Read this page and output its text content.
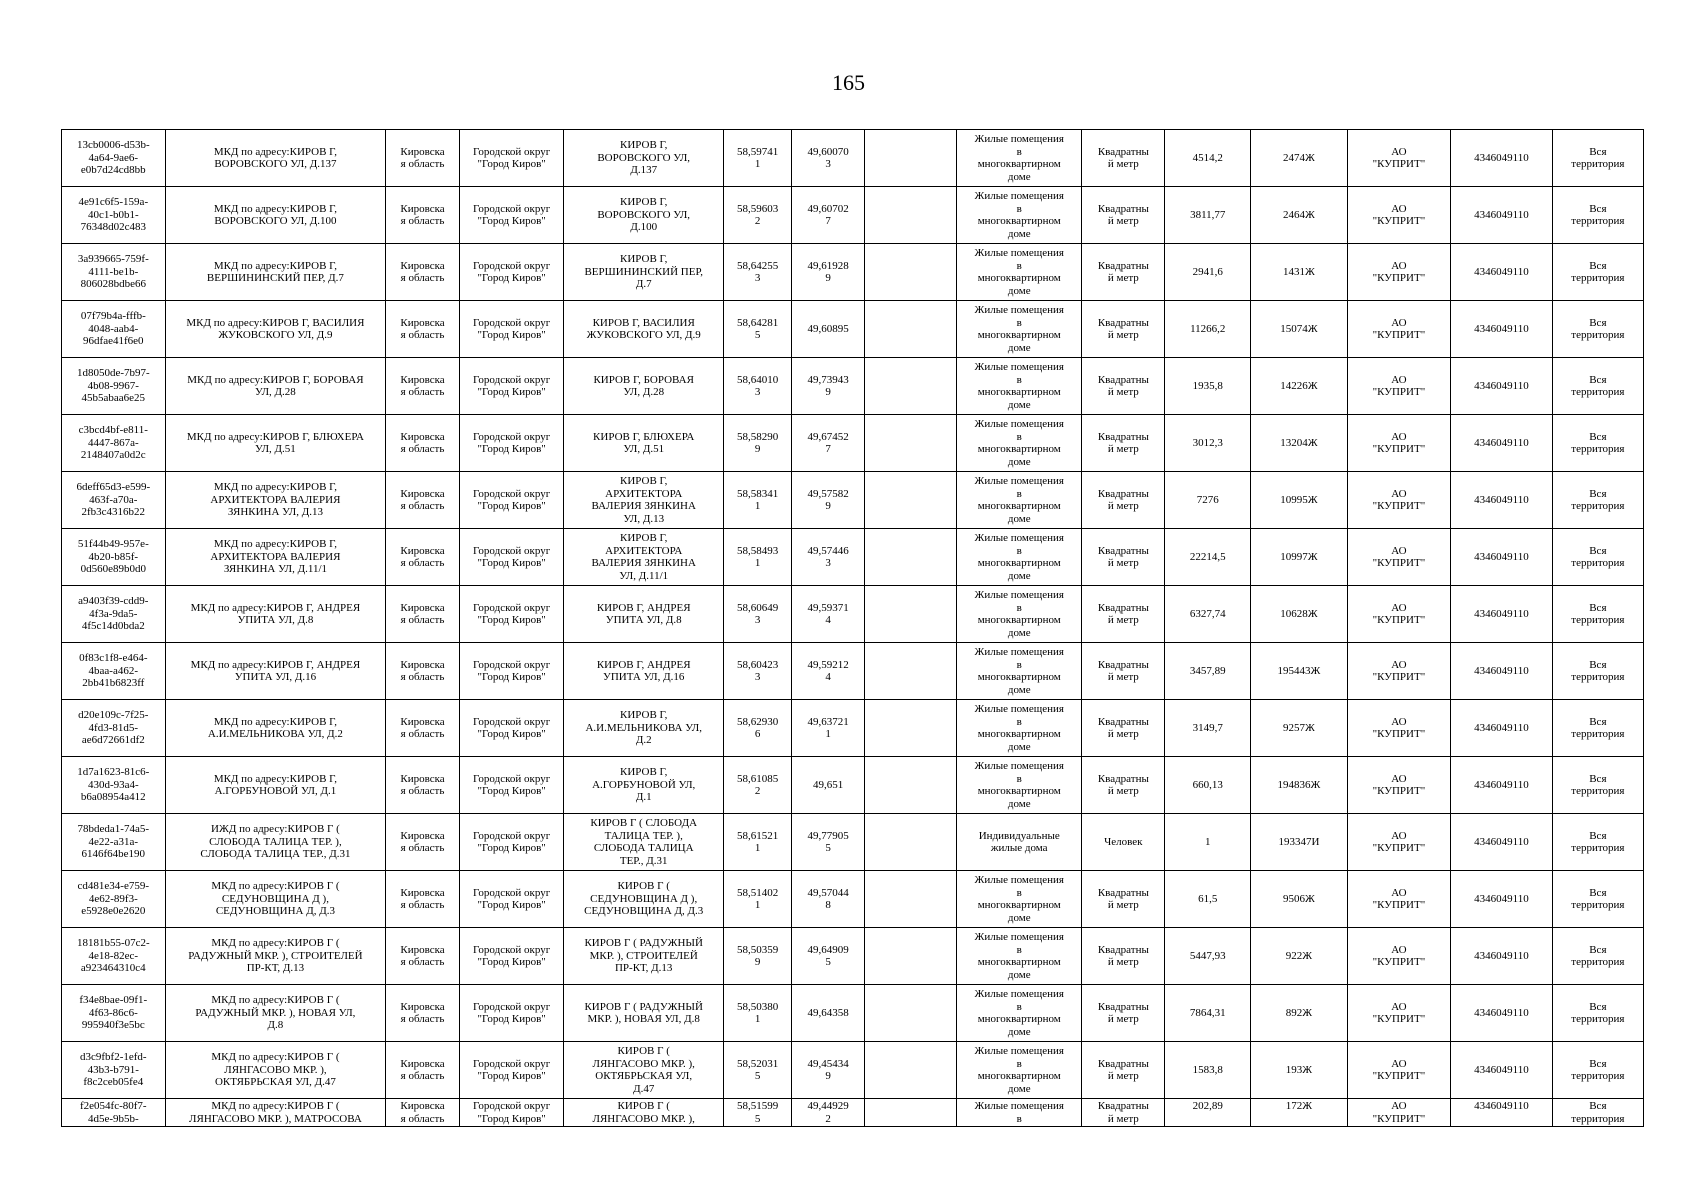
165
13cb0006-d53b-
4a64-9ae6-
e0b7d24cd8bb	МКД по адресу:КИРОВ Г,
ВОРОВСКОГО УЛ, Д.137	Кировска
я область	Городской округ
"Город Киров"	КИРОВ Г,
ВОРОВСКОГО УЛ,
Д.137	58,59741
1	49,60070
3		Жилые помещения
в
многоквартирном
доме	Квадратны
й метр	4514,2	2474Ж	АО
"КУПРИТ"	4346049110	Вся
территория

4e91c6f5-159a-
40c1-b0b1-
76348d02c483	МКД по адресу:КИРОВ Г,
ВОРОВСКОГО УЛ, Д.100	Кировска
я область	Городской округ
"Город Киров"	КИРОВ Г,
ВОРОВСКОГО УЛ,
Д.100	58,59603
2	49,60702
7		Жилые помещения
в
многоквартирном
доме	Квадратны
й метр	3811,77	2464Ж	АО
"КУПРИТ"	4346049110	Вся
территория

3a939665-759f-
4111-be1b-
806028bdbe66	МКД по адресу:КИРОВ Г,
ВЕРШИНИНСКИЙ ПЕР, Д.7	Кировска
я область	Городской округ
"Город Киров"	КИРОВ Г,
ВЕРШИНИНСКИЙ ПЕР,
Д.7	58,64255
3	49,61928
9		Жилые помещения
в
многоквартирном
доме	Квадратны
й метр	2941,6	1431Ж	АО
"КУПРИТ"	4346049110	Вся
территория

07f79b4a-fffb-
4048-aab4-
96dfae41f6e0	МКД по адресу:КИРОВ Г, ВАСИЛИЯ
ЖУКОВСКОГО УЛ, Д.9	Кировска
я область	Городской округ
"Город Киров"	КИРОВ Г, ВАСИЛИЯ
ЖУКОВСКОГО УЛ, Д.9	58,64281
5	49,60895		Жилые помещения
в
многоквартирном
доме	Квадратны
й метр	11266,2	15074Ж	АО
"КУПРИТ"	4346049110	Вся
территория

1d8050de-7b97-
4b08-9967-
45b5abaa6e25	МКД по адресу:КИРОВ Г, БОРОВАЯ
УЛ, Д.28	Кировска
я область	Городской округ
"Город Киров"	КИРОВ Г, БОРОВАЯ
УЛ, Д.28	58,64010
3	49,73943
9		Жилые помещения
в
многоквартирном
доме	Квадратны
й метр	1935,8	14226Ж	АО
"КУПРИТ"	4346049110	Вся
территория

c3bcd4bf-e811-
4447-867a-
2148407a0d2c	МКД по адресу:КИРОВ Г, БЛЮХЕРА
УЛ, Д.51	Кировска
я область	Городской округ
"Город Киров"	КИРОВ Г, БЛЮХЕРА
УЛ, Д.51	58,58290
9	49,67452
7		Жилые помещения
в
многоквартирном
доме	Квадратны
й метр	3012,3	13204Ж	АО
"КУПРИТ"	4346049110	Вся
территория

6deff65d3-e599-
463f-a70a-
2fb3c4316b22	МКД по адресу:КИРОВ Г,
АРХИТЕКТОРА ВАЛЕРИЯ
ЗЯНКИНА УЛ, Д.13	Кировска
я область	Городской округ
"Город Киров"	КИРОВ Г,
АРХИТЕКТОРА
ВАЛЕРИЯ ЗЯНКИНА
УЛ, Д.13	58,58341
1	49,57582
9		Жилые помещения
в
многоквартирном
доме	Квадратны
й метр	7276	10995Ж	АО
"КУПРИТ"	4346049110	Вся
территория

51f44b49-957e-
4b20-b85f-
0d560e89b0d0	МКД по адресу:КИРОВ Г,
АРХИТЕКТОРА ВАЛЕРИЯ
ЗЯНКИНА УЛ, Д.11/1	Кировска
я область	Городской округ
"Город Киров"	КИРОВ Г,
АРХИТЕКТОРА
ВАЛЕРИЯ ЗЯНКИНА
УЛ, Д.11/1	58,58493
1	49,57446
3		Жилые помещения
в
многоквартирном
доме	Квадратны
й метр	22214,5	10997Ж	АО
"КУПРИТ"	4346049110	Вся
территория

a9403f39-cdd9-
4f3a-9da5-
4f5c14d0bda2	МКД по адресу:КИРОВ Г, АНДРЕЯ
УПИТА УЛ, Д.8	Кировска
я область	Городской округ
"Город Киров"	КИРОВ Г, АНДРЕЯ
УПИТА УЛ, Д.8	58,60649
3	49,59371
4		Жилые помещения
в
многоквартирном
доме	Квадратны
й метр	6327,74	10628Ж	АО
"КУПРИТ"	4346049110	Вся
территория

0f83c1f8-e464-
4baa-a462-
2bb41b6823ff	МКД по адресу:КИРОВ Г, АНДРЕЯ
УПИТА УЛ, Д.16	Кировска
я область	Городской округ
"Город Киров"	КИРОВ Г, АНДРЕЯ
УПИТА УЛ, Д.16	58,60423
3	49,59212
4		Жилые помещения
в
многоквартирном
доме	Квадратны
й метр	3457,89	195443Ж	АО
"КУПРИТ"	4346049110	Вся
территория

d20e109c-7f25-
4fd3-81d5-
ae6d72661df2	МКД по адресу:КИРОВ Г,
А.И.МЕЛЬНИКОВА УЛ, Д.2	Кировска
я область	Городской округ
"Город Киров"	КИРОВ Г,
А.И.МЕЛЬНИКОВА УЛ,
Д.2	58,62930
6	49,63721
1		Жилые помещения
в
многоквартирном
доме	Квадратны
й метр	3149,7	9257Ж	АО
"КУПРИТ"	4346049110	Вся
территория

1d7a1623-81c6-
430d-93a4-
b6a08954a412	МКД по адресу:КИРОВ Г,
А.ГОРБУНОВОЙ УЛ, Д.1	Кировска
я область	Городской округ
"Город Киров"	КИРОВ Г,
А.ГОРБУНОВОЙ УЛ,
Д.1	58,61085
2	49,651		Жилые помещения
в
многоквартирном
доме	Квадратны
й метр	660,13	194836Ж	АО
"КУПРИТ"	4346049110	Вся
территория

78bdeda1-74a5-
4e22-a31a-
6146f64be190	ИЖД по адресу:КИРОВ Г (
СЛОБОДА ТАЛИЦА ТЕР. ),
СЛОБОДА ТАЛИЦА ТЕР., Д.31	Кировска
я область	Городской округ
"Город Киров"	КИРОВ Г ( СЛОБОДА
ТАЛИЦА ТЕР. ),
СЛОБОДА ТАЛИЦА
ТЕР., Д.31	58,61521
1	49,77905
5		Индивидуальные
жилые дома	Человек	1	193347И	АО
"КУПРИТ"	4346049110	Вся
территория

cd481e34-e759-
4e62-89f3-
e5928e0e2620	МКД по адресу:КИРОВ Г (
СЕДУНОВЩИНА Д ),
СЕДУНОВЩИНА Д, Д.3	Кировска
я область	Городской округ
"Город Киров"	КИРОВ Г (
СЕДУНОВЩИНА Д ),
СЕДУНОВЩИНА Д, Д.3	58,51402
1	49,57044
8		Жилые помещения
в
многоквартирном
доме	Квадратны
й метр	61,5	9506Ж	АО
"КУПРИТ"	4346049110	Вся
территория

18181b55-07c2-
4e18-82ec-
a923464310c4	МКД по адресу:КИРОВ Г (
РАДУЖНЫЙ МКР. ), СТРОИТЕЛЕЙ
ПР-КТ, Д.13	Кировска
я область	Городской округ
"Город Киров"	КИРОВ Г ( РАДУЖНЫЙ
МКР. ), СТРОИТЕЛЕЙ
ПР-КТ, Д.13	58,50359
9	49,64909
5		Жилые помещения
в
многоквартирном
доме	Квадратны
й метр	5447,93	922Ж	АО
"КУПРИТ"	4346049110	Вся
территория

f34e8bae-09f1-
4f63-86c6-
995940f3e5bc	МКД по адресу:КИРОВ Г (
РАДУЖНЫЙ МКР. ), НОВАЯ УЛ,
Д.8	Кировска
я область	Городской округ
"Город Киров"	КИРОВ Г ( РАДУЖНЫЙ
МКР. ), НОВАЯ УЛ, Д.8	58,50380
1	49,64358		Жилые помещения
в
многоквартирном
доме	Квадратны
й метр	7864,31	892Ж	АО
"КУПРИТ"	4346049110	Вся
территория

d3c9fbf2-1efd-
43b3-b791-
f8c2ceb05fe4	МКД по адресу:КИРОВ Г (
ЛЯНГАСОВО МКР. ),
ОКТЯБРЬСКАЯ УЛ, Д.47	Кировска
я область	Городской округ
"Город Киров"	КИРОВ Г (
ЛЯНГАСОВО МКР. ),
ОКТЯБРЬСКАЯ УЛ,
Д.47	58,52031
5	49,45434
9		Жилые помещения
в
многоквартирном
доме	Квадратны
й метр	1583,8	193Ж	АО
"КУПРИТ"	4346049110	Вся
территория

f2e054fc-80f7-
4d5e-9b5b-	МКД по адресу:КИРОВ Г (
ЛЯНГАСОВО МКР. ), МАТРОСОВА	Кировска
я область	Городской округ
"Город Киров"	КИРОВ Г (
ЛЯНГАСОВО МКР. ),	58,51599
5	49,44929
2		Жилые помещения
в	Квадратны
й метр	202,89	172Ж	АО
"КУПРИТ"	4346049110	Вся
территория
